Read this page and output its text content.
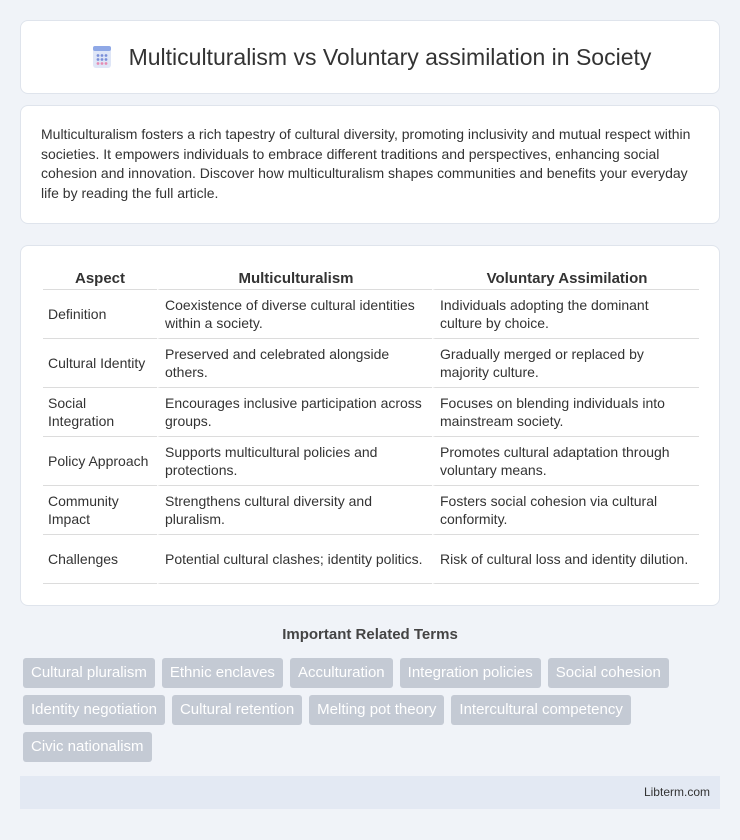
Multiculturalism vs Voluntary assimilation in Society

Multiculturalism fosters a rich tapestry of cultural diversity, promoting inclusivity and mutual respect within societies. It empowers individuals to embrace different traditions and perspectives, enhancing social cohesion and innovation. Discover how multiculturalism shapes communities and benefits your everyday life by reading the full article.

Aspect	Multiculturalism	Voluntary Assimilation
Definition	Coexistence of diverse cultural identities within a society.	Individuals adopting the dominant culture by choice.
Cultural Identity	Preserved and celebrated alongside others.	Gradually merged or replaced by majority culture.
Social Integration	Encourages inclusive participation across groups.	Focuses on blending individuals into mainstream society.
Policy Approach	Supports multicultural policies and protections.	Promotes cultural adaptation through voluntary means.
Community Impact	Strengthens cultural diversity and pluralism.	Fosters social cohesion via cultural conformity.
Challenges	Potential cultural clashes; identity politics.	Risk of cultural loss and identity dilution.
Important Related Terms
Cultural pluralism	Ethnic enclaves	Acculturation	Integration policies	Social cohesion
Identity negotiation	Cultural retention	Melting pot theory	Intercultural competency
Civic nationalism
Libterm.com
